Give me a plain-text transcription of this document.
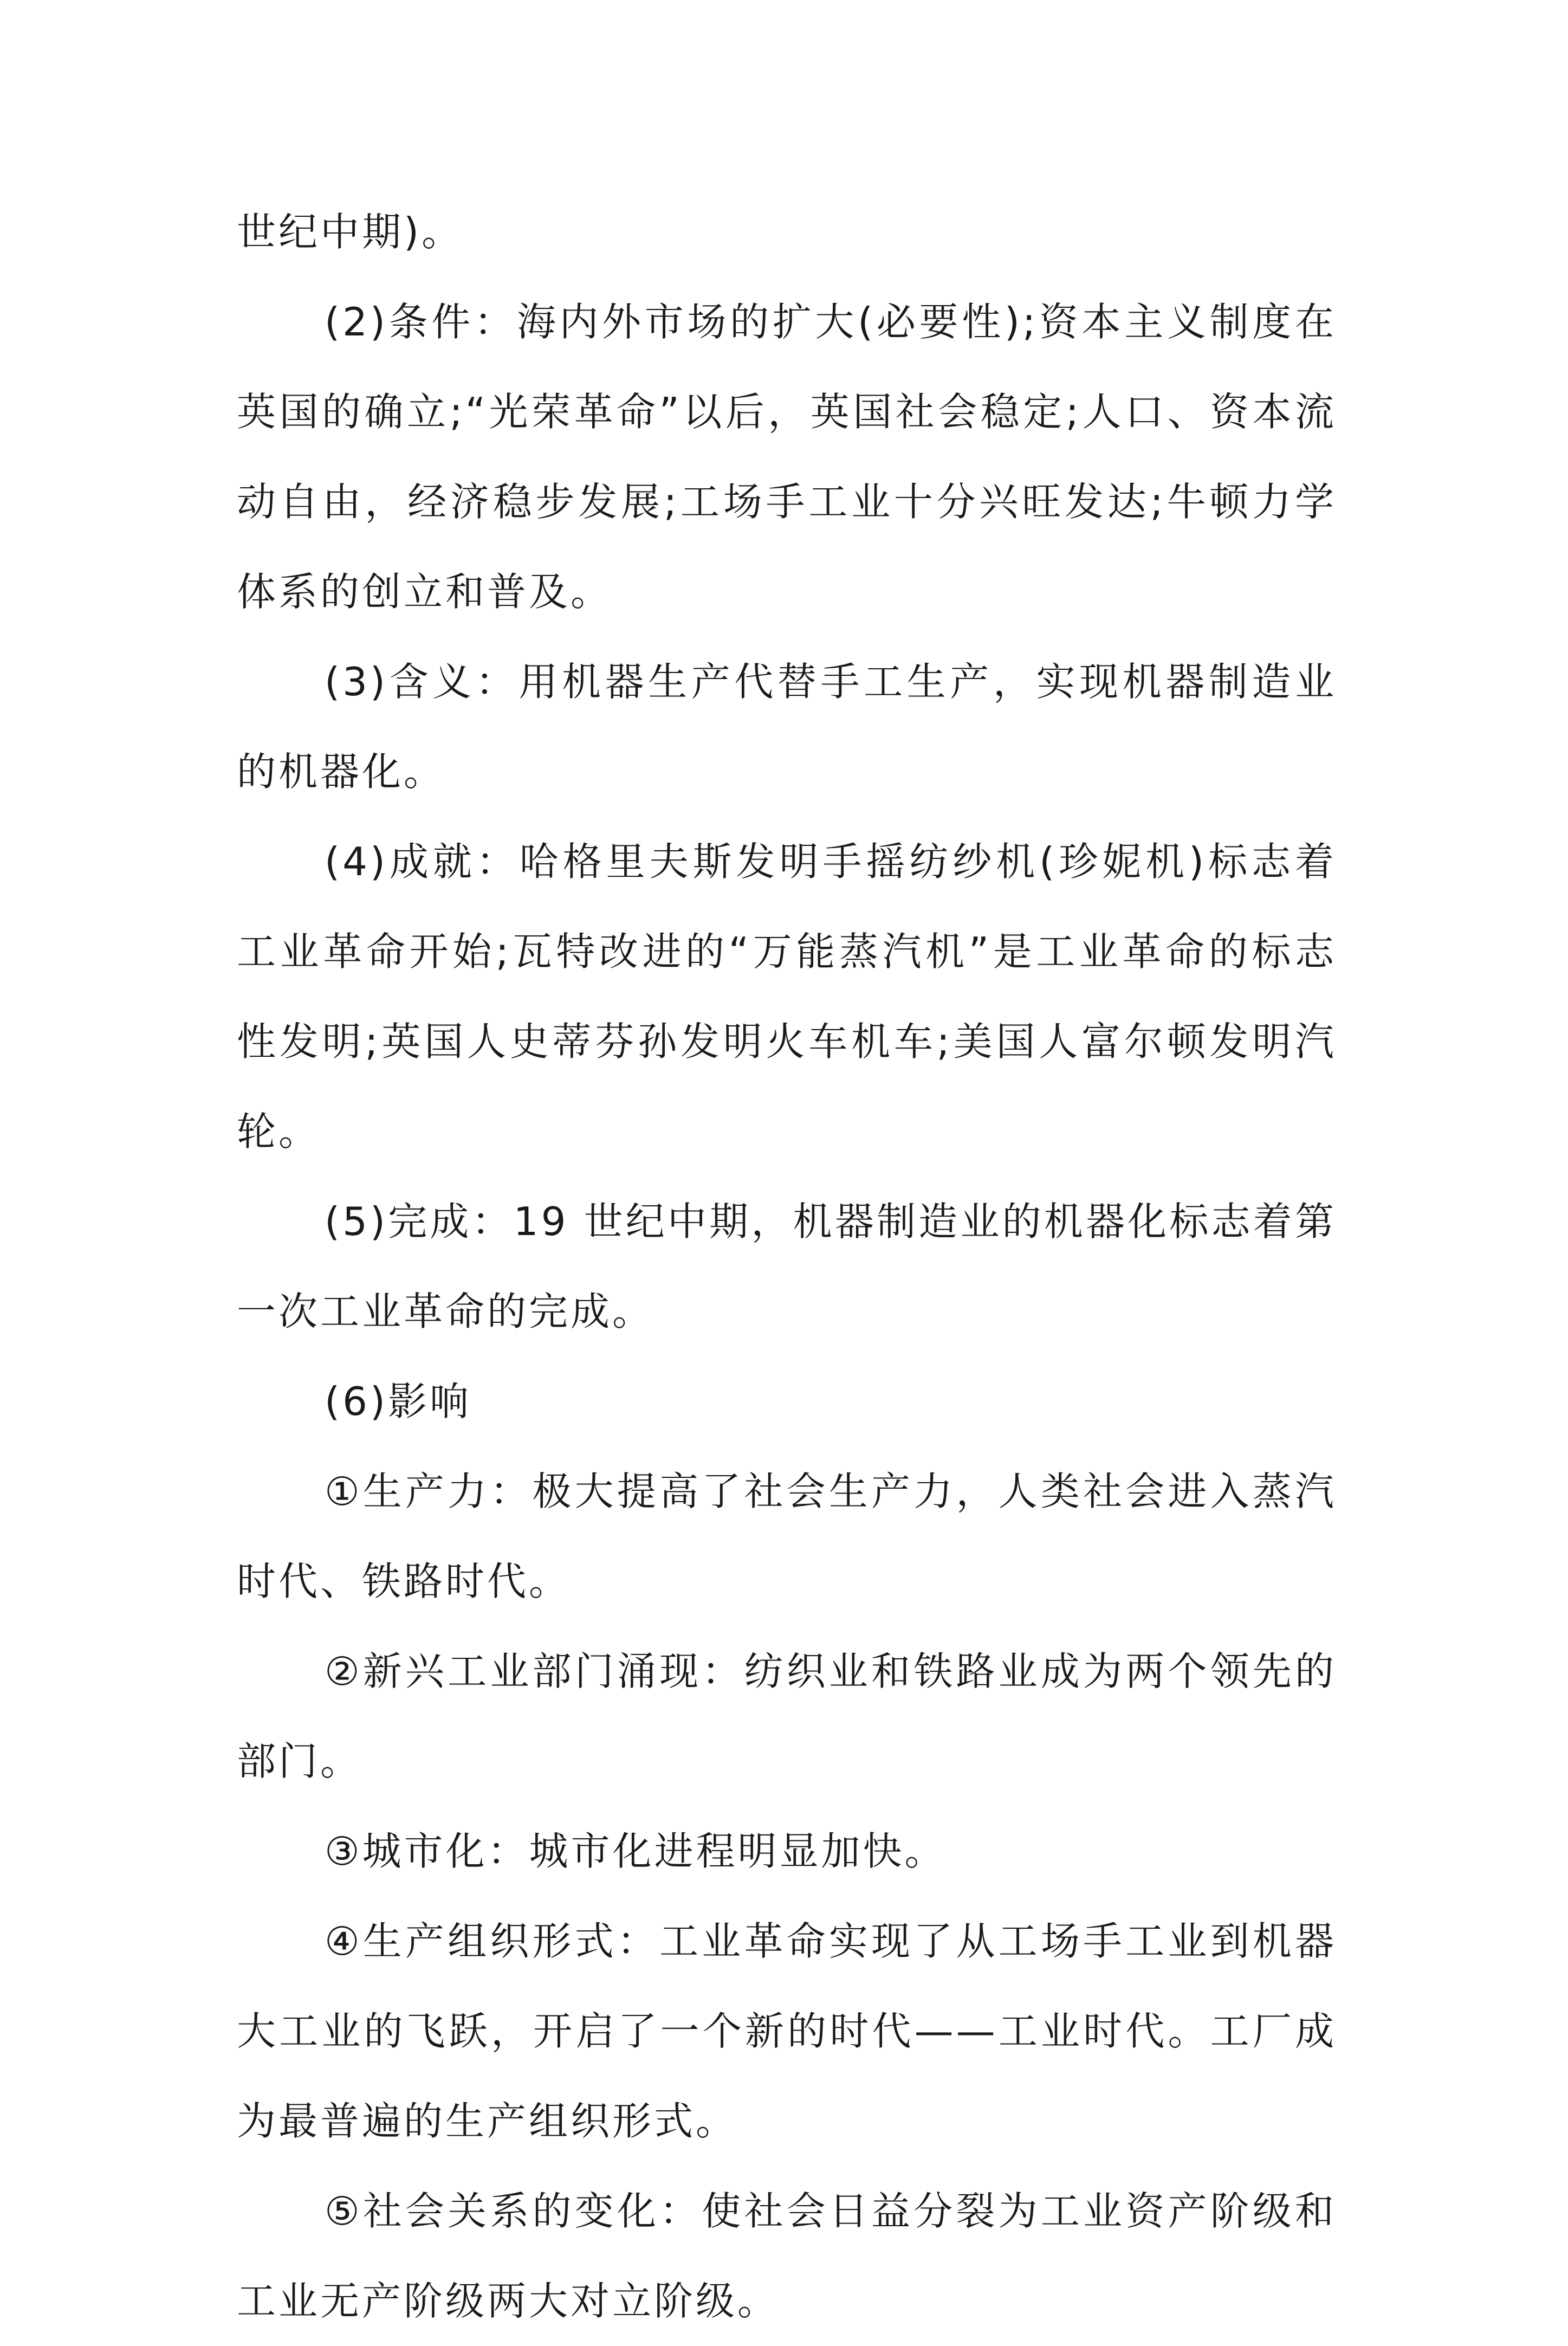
世纪中期)。

(2)条件：海内外市场的扩大(必要性);资本主义制度在英国的确立;“光荣革命”以后，英国社会稳定;人口、资本流动自由，经济稳步发展;工场手工业十分兴旺发达;牛顿力学体系的创立和普及。

(3)含义：用机器生产代替手工生产，实现机器制造业的机器化。

(4)成就：哈格里夫斯发明手摇纺纱机(珍妮机)标志着工业革命开始;瓦特改进的“万能蒸汽机”是工业革命的标志性发明;英国人史蒂芬孙发明火车机车;美国人富尔顿发明汽轮。

(5)完成：19 世纪中期，机器制造业的机器化标志着第一次工业革命的完成。

(6)影响

①生产力：极大提高了社会生产力，人类社会进入蒸汽时代、铁路时代。

②新兴工业部门涌现：纺织业和铁路业成为两个领先的部门。

③城市化：城市化进程明显加快。

④生产组织形式：工业革命实现了从工场手工业到机器大工业的飞跃，开启了一个新的时代——工业时代。工厂成为最普遍的生产组织形式。

⑤社会关系的变化：使社会日益分裂为工业资产阶级和工业无产阶级两大对立阶级。
